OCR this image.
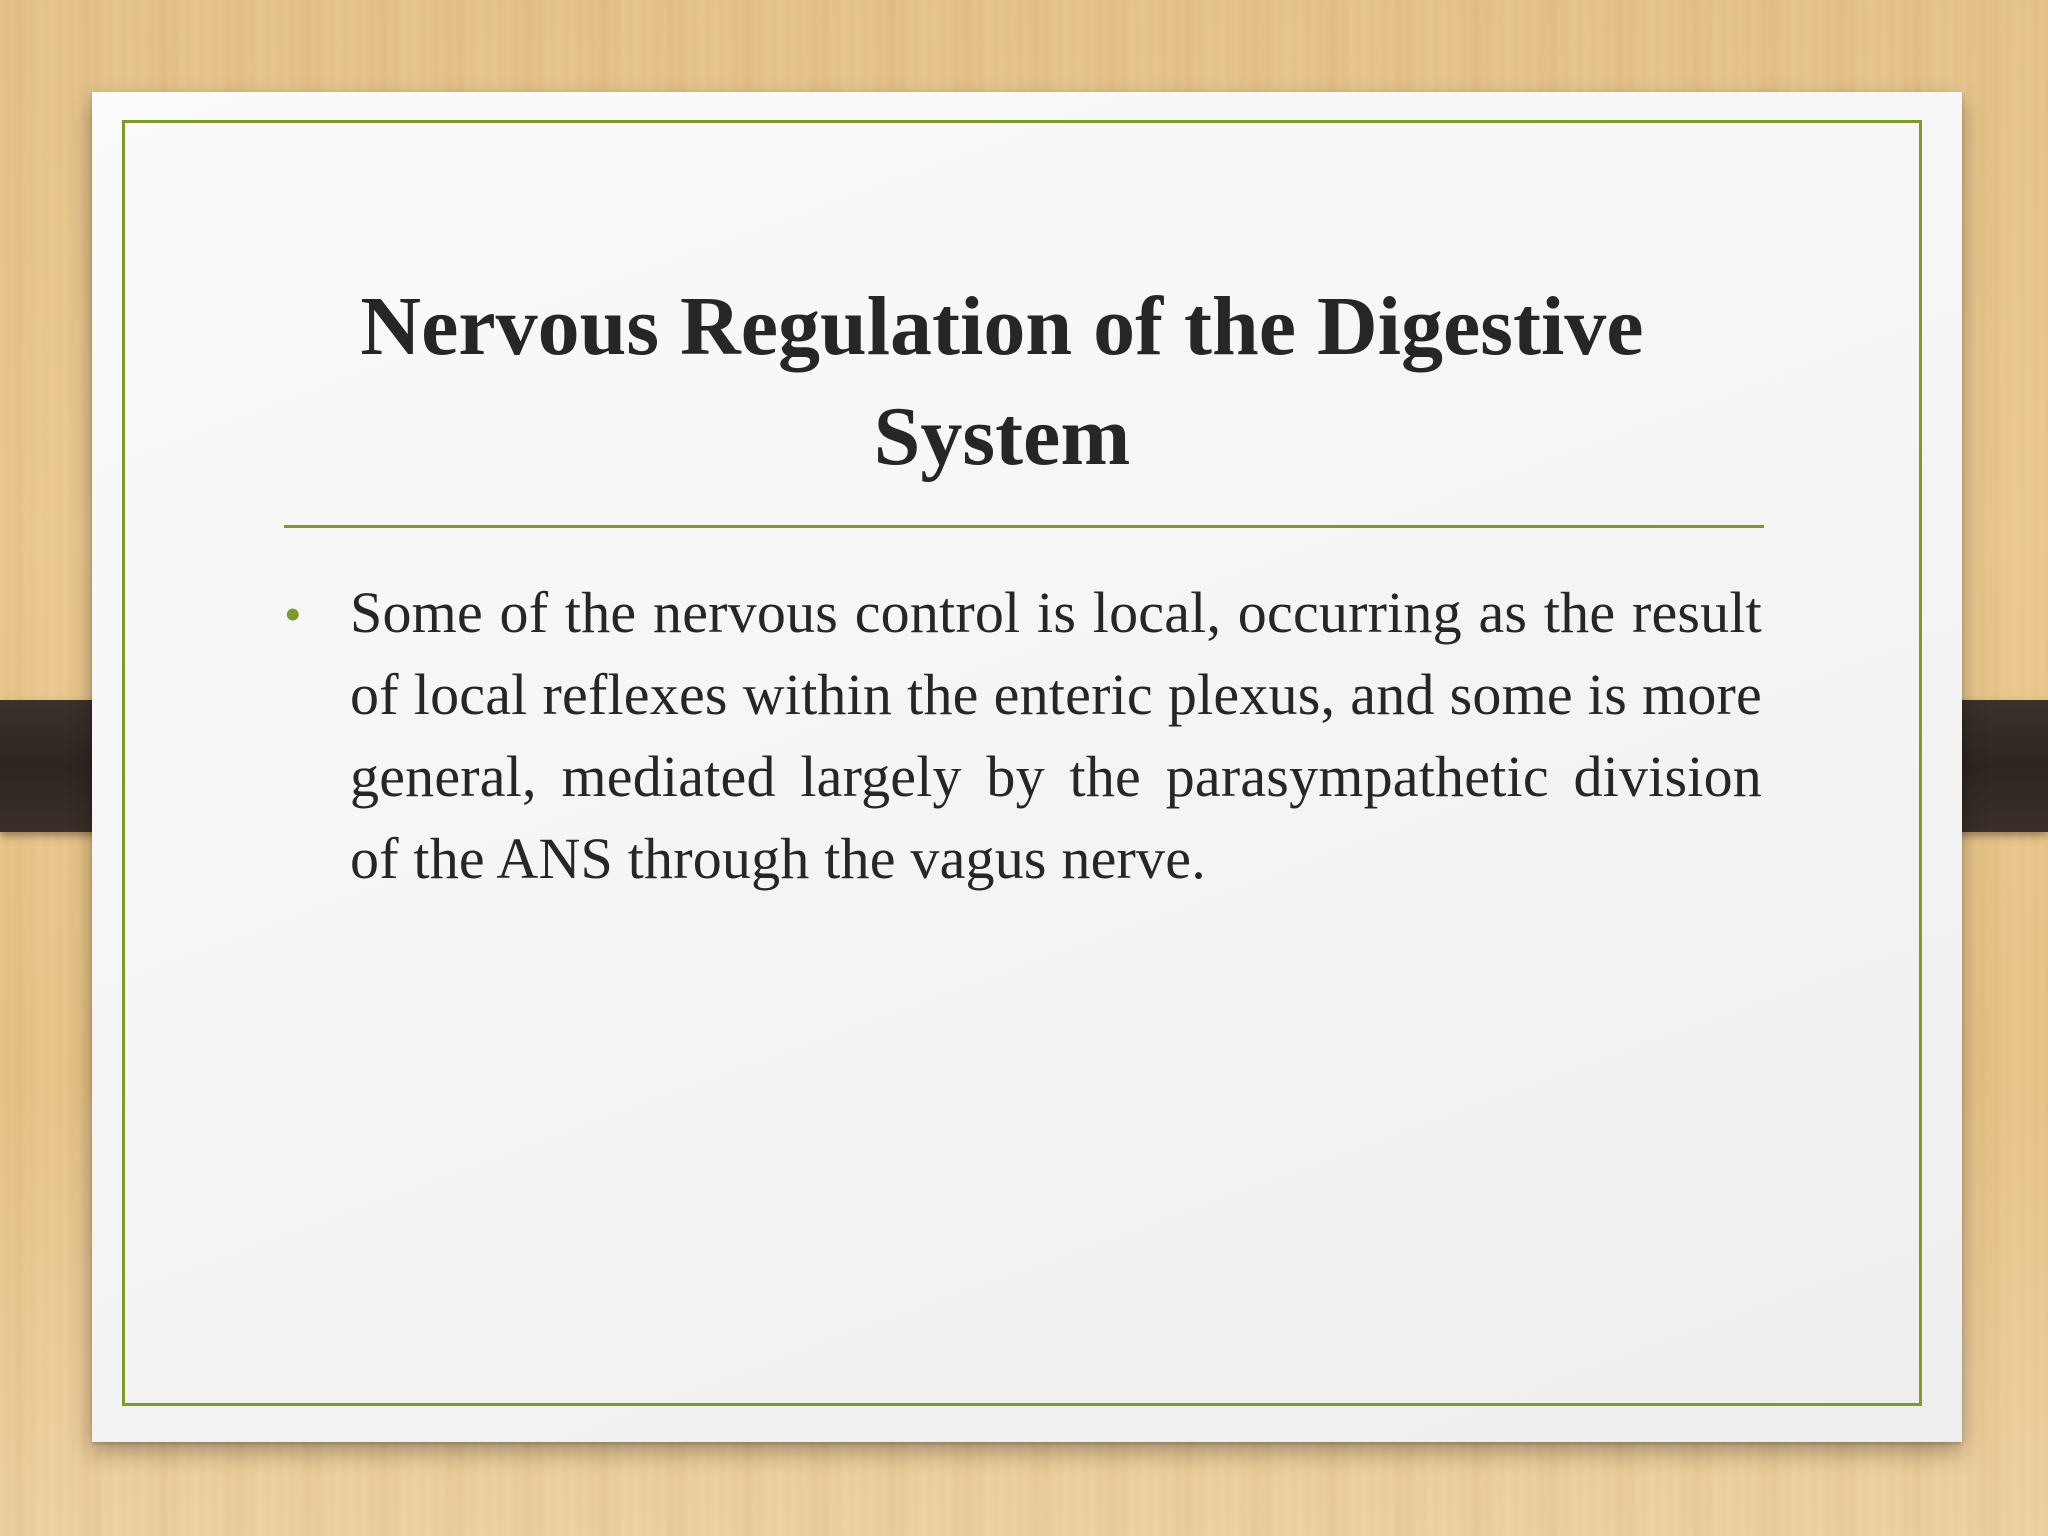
Nervous Regulation of the Digestive System
• Some of the nervous control is local, occurring as the result of local reflexes within the enteric plexus, and some is more general, mediated largely by the parasympathetic division of the ANS through the vagus nerve.
